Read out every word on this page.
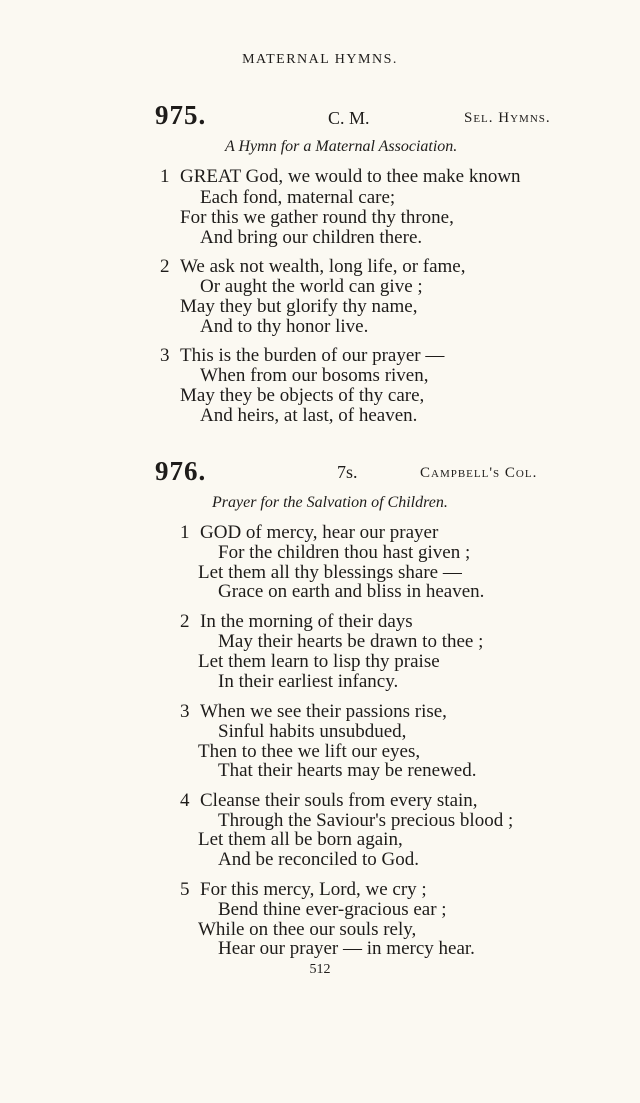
MATERNAL HYMNS.
975.	C. M.	Sel. Hymns.
A Hymn for a Maternal Association.
1 GREAT God, we would to thee make known
Each fond, maternal care;
For this we gather round thy throne,
And bring our children there.
2 We ask not wealth, long life, or fame,
Or aught the world can give ;
May they but glorify thy name,
And to thy honor live.
3 This is the burden of our prayer —
When from our bosoms riven,
May they be objects of thy care,
And heirs, at last, of heaven.
976.	7s.	Campbell's Col.
Prayer for the Salvation of Children.
1 GOD of mercy, hear our prayer
For the children thou hast given ;
Let them all thy blessings share —
Grace on earth and bliss in heaven.
2 In the morning of their days
May their hearts be drawn to thee ;
Let them learn to lisp thy praise
In their earliest infancy.
3 When we see their passions rise,
Sinful habits unsubdued,
Then to thee we lift our eyes,
That their hearts may be renewed.
4 Cleanse their souls from every stain,
Through the Saviour's precious blood ;
Let them all be born again,
And be reconciled to God.
5 For this mercy, Lord, we cry ;
Bend thine ever-gracious ear ;
While on thee our souls rely,
Hear our prayer — in mercy hear.
512
